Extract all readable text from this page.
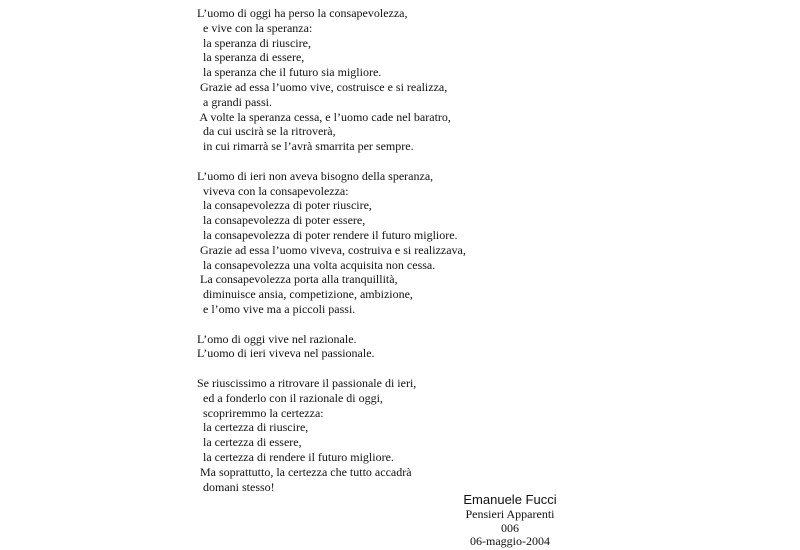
L’uomo di oggi ha perso la consapevolezza,
e vive con la speranza:
la speranza di riuscire,
la speranza di essere,
la speranza che il futuro sia migliore.
Grazie ad essa l’uomo vive, costruisce e si realizza,
a grandi passi.
A volte la speranza cessa, e l’uomo cade nel baratro,
da cui uscirà se la ritroverà,
in cui rimarrà se l’avrà smarrita per sempre.
L’uomo di ieri non aveva bisogno della speranza,
viveva con la consapevolezza:
la consapevolezza di poter riuscire,
la consapevolezza di poter essere,
la consapevolezza di poter rendere il futuro migliore.
Grazie ad essa l’uomo viveva, costruiva e si realizzava,
la consapevolezza una volta acquisita non cessa.
La consapevolezza porta alla tranquillità,
diminuisce ansia, competizione, ambizione,
e l’omo vive ma a piccoli passi.
L’omo di oggi vive nel razionale.
L’uomo di ieri viveva nel passionale.
Se riuscissimo a ritrovare il passionale di ieri,
ed a fonderlo con il razionale di oggi,
scopriremmo la certezza:
la certezza di riuscire,
la certezza di essere,
la certezza di rendere il futuro migliore.
Ma soprattutto, la certezza che tutto accadrà
domani stesso!
Emanuele Fucci
Pensieri Apparenti
006
06-maggio-2004
